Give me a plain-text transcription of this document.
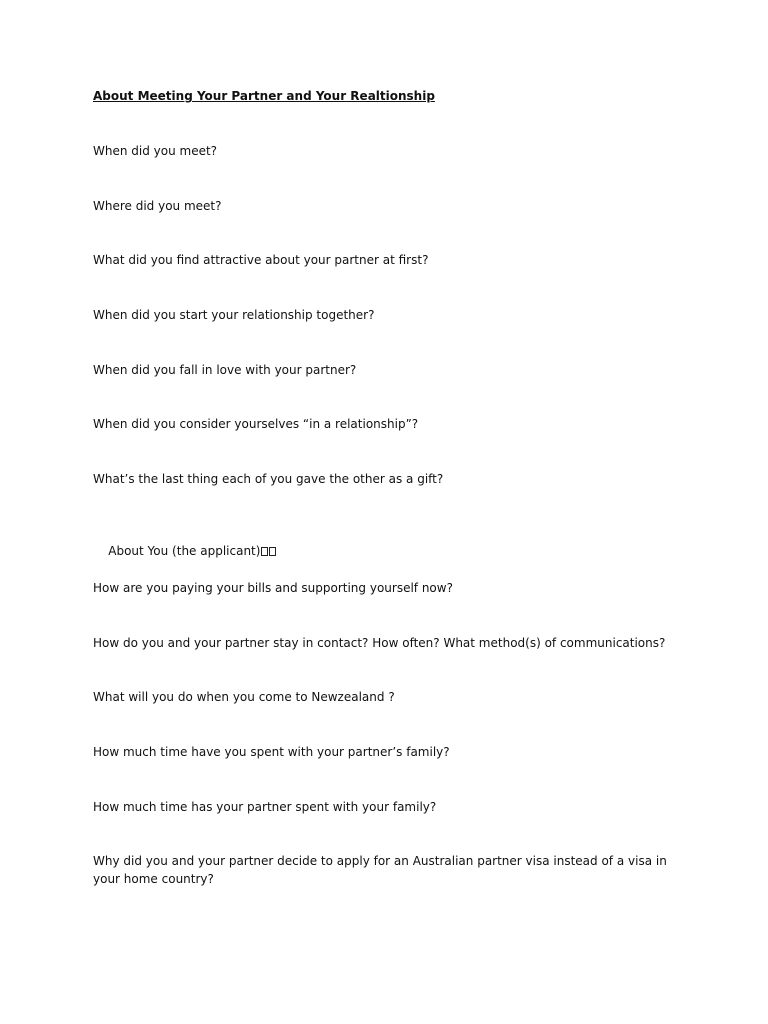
About Meeting Your Partner and Your Realtionship
When did you meet?
Where did you meet?
What did you find attractive about your partner at first?
When did you start your relationship together?
When did you fall in love with your partner?
When did you consider yourselves “in a relationship”?
What’s the last thing each of you gave the other as a gift?

About You (the applicant)

How are you paying your bills and supporting yourself now?
How do you and your partner stay in contact? How often? What method(s) of communications?
What will you do when you come to Newzealand ?
How much time have you spent with your partner’s family?
How much time has your partner spent with your family?
Why did you and your partner decide to apply for an Australian partner visa instead of a visa in your home country?
